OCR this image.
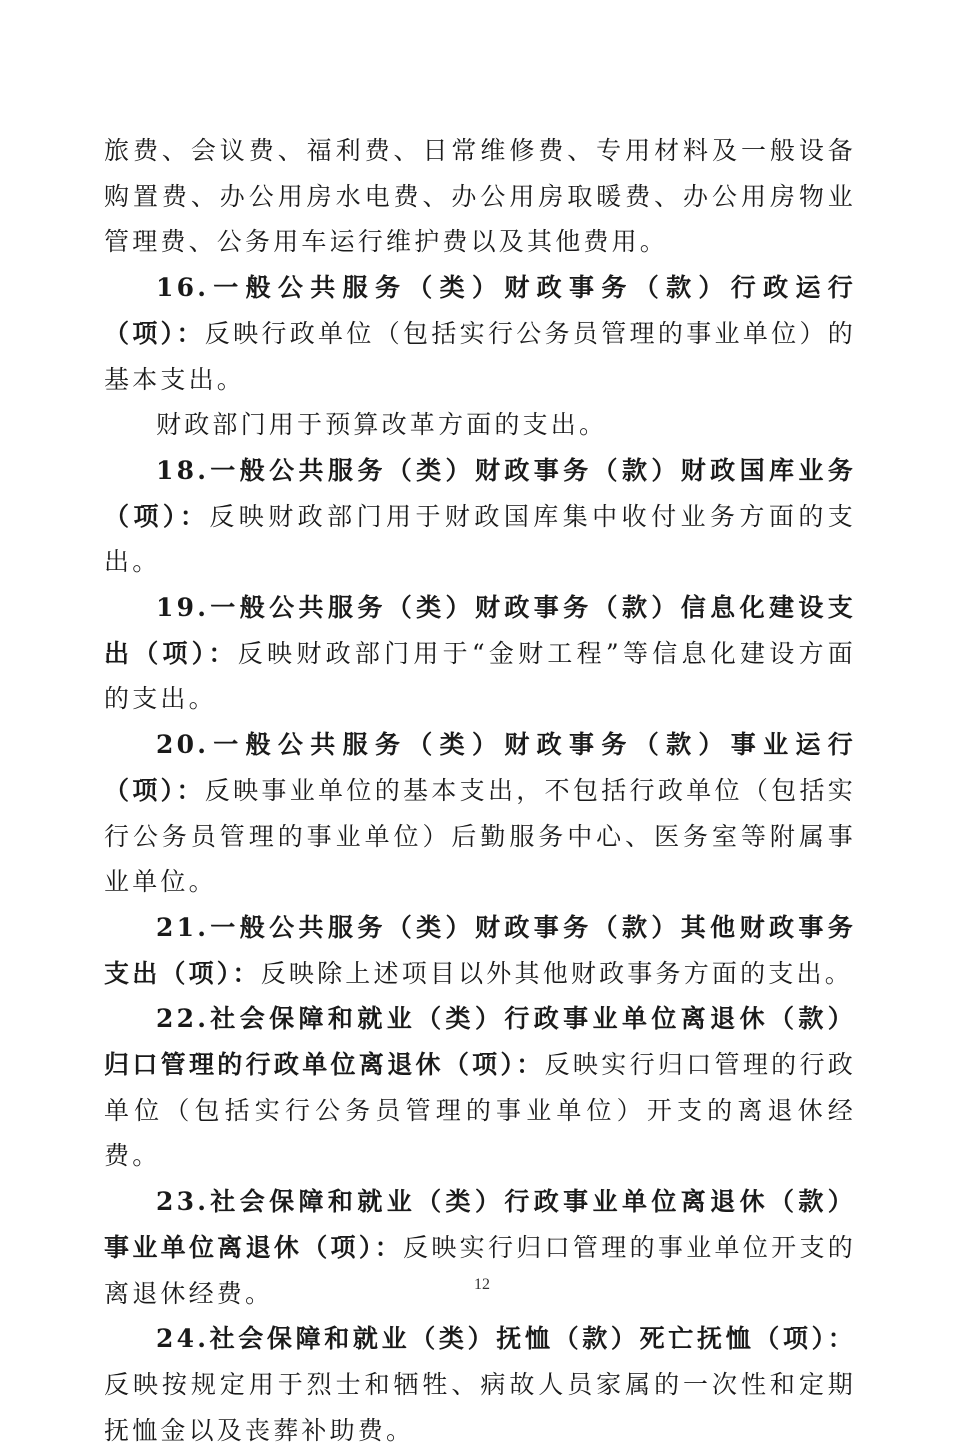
旅费、会议费、福利费、日常维修费、专用材料及一般设备购置费、办公用房水电费、办公用房取暖费、办公用房物业管理费、公务用车运行维护费以及其他费用。

16.一般公共服务（类）财政事务（款）行政运行（项）：反映行政单位（包括实行公务员管理的事业单位）的基本支出。

财政部门用于预算改革方面的支出。

18.一般公共服务（类）财政事务（款）财政国库业务（项）：反映财政部门用于财政国库集中收付业务方面的支出。

19.一般公共服务（类）财政事务（款）信息化建设支出（项）：反映财政部门用于“金财工程”等信息化建设方面的支出。

20.一般公共服务（类）财政事务（款）事业运行（项）：反映事业单位的基本支出，不包括行政单位（包括实行公务员管理的事业单位）后勤服务中心、医务室等附属事业单位。

21.一般公共服务（类）财政事务（款）其他财政事务支出（项）：反映除上述项目以外其他财政事务方面的支出。

22.社会保障和就业（类）行政事业单位离退休（款）归口管理的行政单位离退休（项）：反映实行归口管理的行政单位（包括实行公务员管理的事业单位）开支的离退休经费。

23.社会保障和就业（类）行政事业单位离退休（款）事业单位离退休（项）：反映实行归口管理的事业单位开支的离退休经费。

24.社会保障和就业（类）抚恤（款）死亡抚恤（项）：反映按规定用于烈士和牺牲、病故人员家属的一次性和定期抚恤金以及丧葬补助费。

12
